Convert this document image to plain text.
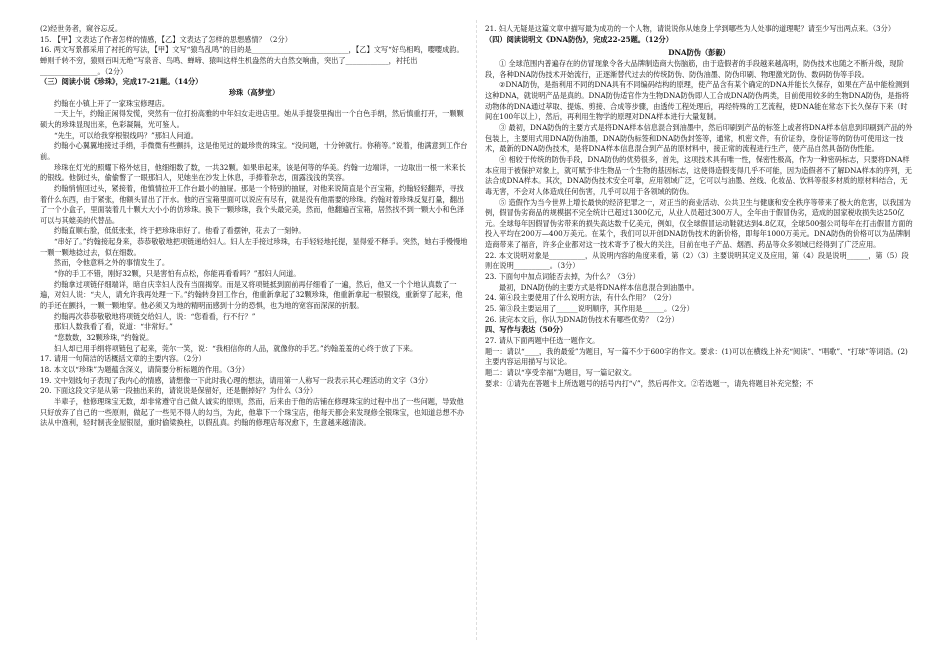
(2)经世务者，窥谷忘反。

15. 【甲】文表达了作者怎样的情感，【乙】文表达了怎样的思想感情？（2分）

16. 两文写景都采用了衬托的写法，【甲】文写“猿鸟乱鸣”的目的是___________________________，【乙】文写“好鸟相鸣，嘤嘤成韵。蝉则千转不穷，猿则百叫无绝”写泉音、鸟鸣、蝉啼、猿叫这样生机盎然的大自然交响曲，突出了____________，衬托出________________。（2分）

（三）阅读小说《珍珠》，完成17-21题。（14分）

珍珠（高梦堂）

约翰在小镇上开了一家珠宝修理店。

一天上午，约翰正闲得发慌，突然有一位打扮高雅的中年妇女走进店里。她从手提袋里掏出一个白色手绢，然后慎重打开，一颗颗硕大的珍珠显现出来，色彩凝隔，光可鉴人。

“先生，可以给我穿根银线吗？”那妇人问道。

约翰小心翼翼地接过手绢，手微微有些颤抖，这是他见过的最珍贵的珠宝。“没问题，十分钟就行。你稍等。”说着，他满意到工作台前。

珍珠在灯光的照耀下格外炫目，他细细数了数，一共32颗。如果串起来，该是何等的华美。约翰一边端详，一边取出一根一米来长的银线。他倒过头，偷偷瞥了一眼那妇人，见她坐在沙发上休息，手捧着杂志，面露浅浅的笑容。

约翰悄悄回过头，紧接着，他慎情拉开工作台最小的抽屉。那是一个特别的抽屉，对他来说简直是个百宝箱，约翰轻轻翻弄，寻找着什么东西，由于紧张，他额头冒出了汗水。他的百宝箱里面可以说应有尽有，就是没有他需要的珍珠。约翰对着珍珠反复打量，翻出了一个小盒子，里面装着几十颗大大小小的仿珍珠。换下一颗珍珠，我个头最完美，然而，他翻遍百宝箱，居然找不到一颗大小和色泽可以与其媲美的代替品。

约翰直顺右脸，低低张张，终于把珍珠串好了。他看了看摆钟，花去了一刻钟。

“串好了。”约翰接起身来，恭恭敬敬地把项链递给妇人。妇人左手接过珍珠，右手轻轻地托提，显得爱不释手。突然，她右手慢慢地一颗一颗地捻过去，似在细数。

然而，令他意料之外的事情发生了。

“你的手工不错，刚好32颗，只是害怕有点松，你能再看看吗？”那妇人问道。

约翰拿过项链仔细端详，暗自庆幸妇人没有当面揭穿。而是又将项链抵到面前再仔细看了一遍，然后，他又一个个地认真数了一遍，对妇人说：“夫人，请允许我再处理一下。”约翰转身回工作台，他重新拿起了32颗珍珠，他重新拿起一根银线，重新穿了起来，他的手还在颤抖，一颗一颗地穿。他必须又为地的精明而感到十分的恐惧，也为地的宽容而深深的折服。

约翰再次恭恭敬敬地将项链交给妇人，说：“您看看，行不行？”

那妇人数我看了看，说道：“非常好。”

“您数数，32颗珍珠，”约翰说。

妇人却已用手绢将项链包了起来，莞尔一笑，说：“我相信你的人品，就像你的手艺。”约翰羞羞的心终于放了下来。

17. 请用一句简洁的话概括文章的主要内容。（2分）

18. 本文以“珍珠”为题蕴含深义，请简要分析标题的作用。（3分）

19. 文中划线句子表现了我内心的情感，请想像一下此时我心理的想法，请用第一人称写一段表示其心理活动的文字（3分）

20. 下面这段文字是从第一段抽出来的，请说说是保留好，还是删掉好？为什么（3分）

半辈子，他修理珠宝无数，却非常遵守自己做人诚实的原则，然而，后来由于他的店铺在修理珠宝的过程中出了一些问题，导致他只好放弃了自己的一些原则，做起了一些见不得人的勾当，为此，他靠下一个珠宝店，他每天都会来发现修全银珠宝，也知道总想不办法从中渔利，轻时制丧金屋银屋，重时偷梁换柱，以假乱真。约翰的修理店每况愈下，生意越来越清淡。

21. 妇人无疑是这篇文章中描写最为成功的一个人物，请说说你从她身上学到哪些为人处事的道理呢？请至少写出两点来。（3分）

（四）阅读说明文《DNA防伪》，完成22-25题。（12分）

DNA防伪（彭毅）

① 全球范围内普遍存在的仿冒现象令各大品牌制造商大伤脑筋，由于造假者的手段越来越高明，防伪技术也随之不断升级，现阶段，各种DNA防伪技术开始流行，正逐渐替代过去的传统防伪、防伪油墨、防伪印刷、物理激光防伪、数码防伪等手段。

②DNA防伪，是指利用不同的DNA具有不同编码结构的原理，使产品含有某个确定的DNA并能长久保存，如果在产品中能检测到这种DNA，就说明产品是真的。DNA防伪适官作为生物DNA防伪即人工合成DNA防伪两类，目前使用较多的生物DNA防伪，是指将动物体的DNA通过萃取、提炼、剪接、合成等步骤，由透传工程处理后，再经特殊的工艺流程，使DNA能在常态下长久保存下来（时间在100年以上），然后，再利用生物学的原理对DNA样本进行大量复制。

③ 最初，DNA防伪的主要方式是将DNA样本信息混合到油墨中，然后印刷到产品的标签上或者将DNA样本信息到印刷到产品的外包装上，主要用式用DNA防伪油墨，DNA防伪标签和DNA防伪封签等，通常，机密文件，有价证券，身份证等的防伪可使用这一技术，最新的DNA防伪技术，是将DNA样本信息混合到产品的原材料中，接正常的流程进行生产，使产品自然具备防伪性能。

④ 相较于传统的防伪手段，DNA防伪的优势很多，首先，这项技术具有唯一性，保密性极高，作为一种密码标志，只要将DNA样本应用于被保护对象上，就可赋予非生物品一个生物的基因标志，这使得造假变得几乎不可能，因为造假者不了解DNA样本的序列，无法合成DNA样本。其次，DNA防伪技术安全可靠，应用领域广泛，它可以与油墨、丝线、化妆品、饮料等很多材质的原材料结合，无毒无害，不会对人体造成任何伤害，几乎可以用于各领域的防伪。

⑤ 造假作为当今世界上增长最快的经济犯罪之一，对正当的商业活动、公共卫生与健康和安全秩序等带来了极大的危害，以我国为例，假冒伪劣商品的规模据不完全统计已超过1300亿元，从业人员超过300万人，全年由于假冒伪劣，造成的国家税收损失达250亿元。全球每年因假冒伪劣带来的损失高达数千亿美元，例如，仅全球假冒运动鞋就达到4.8亿双，全球500强公司每年在打击假冒方面的投入平均在200万—400万美元。在某个，我们可以开创DNA防伪技术的新价格，即每年1000万美元。DNA防伪的价格可以为品牌制造商带来了福音，许多企业都对这一技术寄予了极大的关注，目前在电子产品、烟酒、药品等众多领域已经得到了广泛应用。

22. 本文说明对象是__________，从说明内容的角度来看，第（2）（3）主要说明其定义及应用，第（4）段是说明______，第（5）段则在说明__________。（3分）

23. 下面句中加点词能否去掉，为什么？（3分）

最初，DNA防伪的主要方式是将DNA样本信息混合到油墨中。

24. 第④段主要使用了什么说明方法，有什么作用？（2分）

25. 第③段主要运用了______说明顺序，其作用是______。（2分）

26. 读完本文后，你认为DNA防伪技术有哪些优势？（2分）

四、写作与表达（50分）

27. 请从下面两题中任选一题作文。

题一：请以“____，我的最爱”为题目，写一篇不少于600字的作文。要求：(1)可以在横线上补充“阅读”、“唱歌”、“打球”等词语。(2)主要内容运用描写与议论。

题二：请以“享受幸福”为题目，写一篇记叙文。

要求：①请先在答题卡上所选题号的括号内打“√”，然后再作文。②若选题一，请先将题目补充完整；不
